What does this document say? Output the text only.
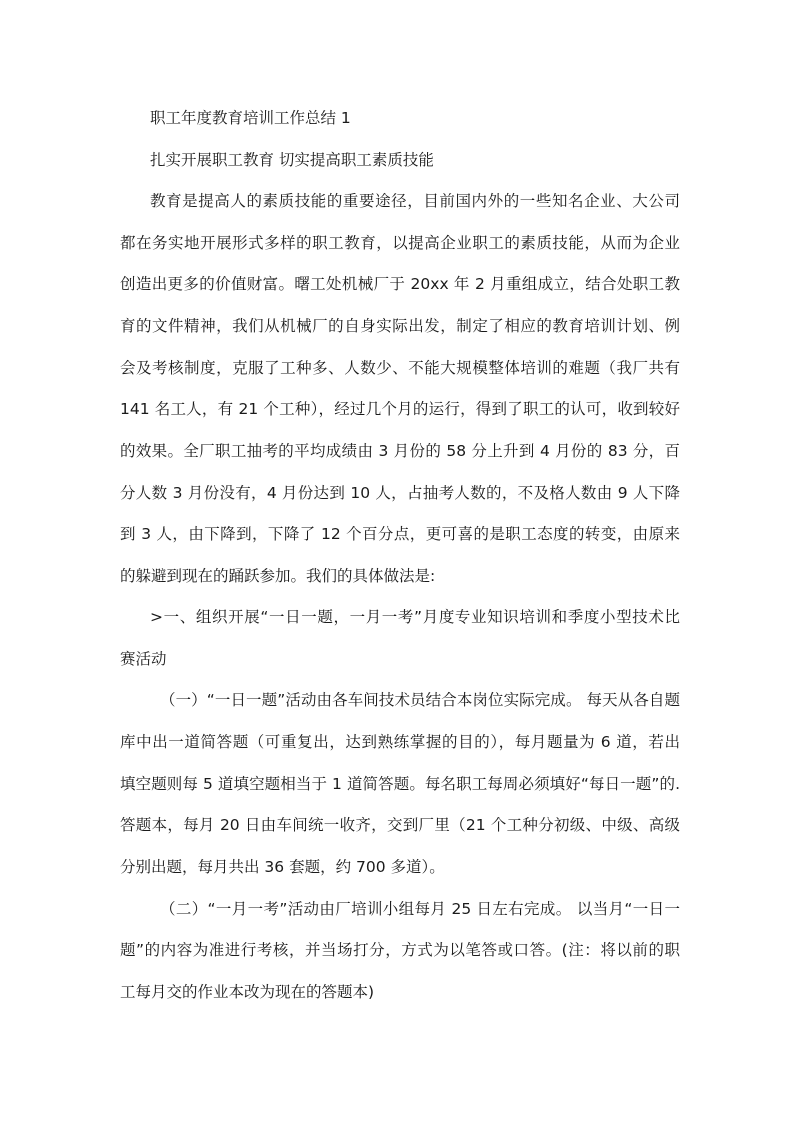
职工年度教育培训工作总结 1
扎实开展职工教育 切实提高职工素质技能
教育是提高人的素质技能的重要途径，目前国内外的一些知名企业、大公司
都在务实地开展形式多样的职工教育，以提高企业职工的素质技能，从而为企业
创造出更多的价值财富。曙工处机械厂于 20xx 年 2 月重组成立，结合处职工教
育的文件精神，我们从机械厂的自身实际出发，制定了相应的教育培训计划、例
会及考核制度，克服了工种多、人数少、不能大规模整体培训的难题（我厂共有
141 名工人，有 21 个工种），经过几个月的运行，得到了职工的认可，收到较好
的效果。全厂职工抽考的平均成绩由 3 月份的 58 分上升到 4 月份的 83 分，百
分人数 3 月份没有，4 月份达到 10 人，占抽考人数的，不及格人数由 9 人下降
到 3 人，由下降到，下降了 12 个百分点，更可喜的是职工态度的转变，由原来
的躲避到现在的踊跃参加。我们的具体做法是:
>一、组织开展“一日一题，一月一考”月度专业知识培训和季度小型技术比
赛活动
（一）“一日一题”活动由各车间技术员结合本岗位实际完成。 每天从各自题
库中出一道简答题（可重复出，达到熟练掌握的目的），每月题量为 6 道，若出
填空题则每 5 道填空题相当于 1 道简答题。每名职工每周必须填好“每日一题”的.
答题本，每月 20 日由车间统一收齐，交到厂里（21 个工种分初级、中级、高级
分别出题，每月共出 36 套题，约 700 多道）。
（二）“一月一考”活动由厂培训小组每月 25 日左右完成。 以当月“一日一
题”的内容为准进行考核，并当场打分，方式为以笔答或口答。(注：将以前的职
工每月交的作业本改为现在的答题本)
